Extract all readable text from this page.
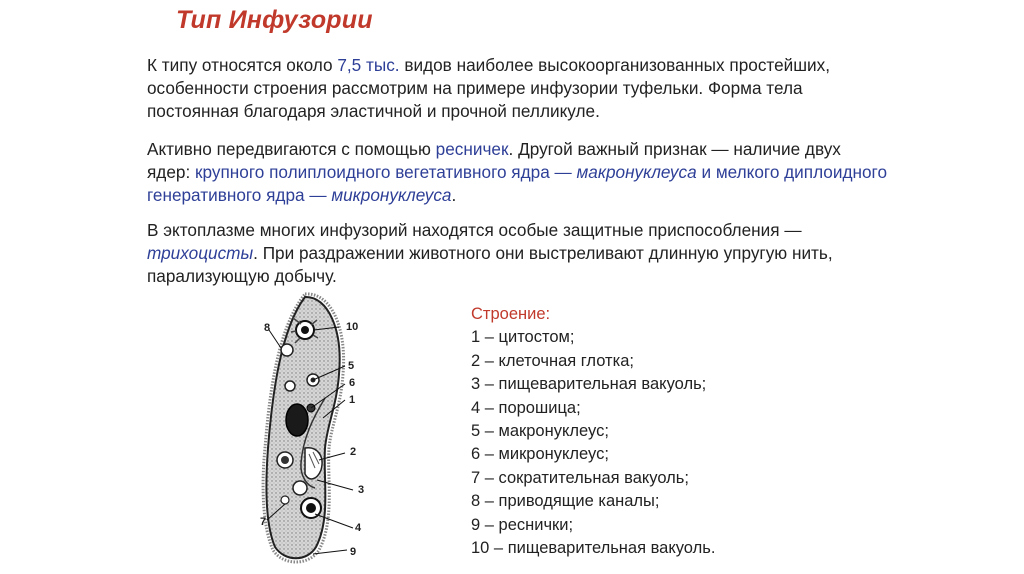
Тип Инфузории
К типу относятся около 7,5 тыс. видов наиболее высокоорганизованных простейших, особенности строения рассмотрим на примере инфузории туфельки. Форма тела постоянная благодаря эластичной и прочной пелликуле.
Активно передвигаются с помощью ресничек. Другой важный признак — наличие двух ядер: крупного полиплоидного вегетативного ядра — макронуклеуса и мелкого диплоидного генеративного ядра — микронуклеуса.
В эктоплазме многих инфузорий находятся особые защитные приспособления — трихоцисты. При раздражении животного они выстреливают длинную упругую нить, парализующую добычу.
8	10
5
6
1
2
3
7	4
9
Строение:
1 – цитостом;
2 – клеточная глотка;
3 – пищеварительная вакуоль;
4 – порошица;
5 – макронуклеус;
6 – микронуклеус;
7 – сократительная вакуоль;
8 – приводящие каналы;
9 – реснички;
10 – пищеварительная вакуоль.
